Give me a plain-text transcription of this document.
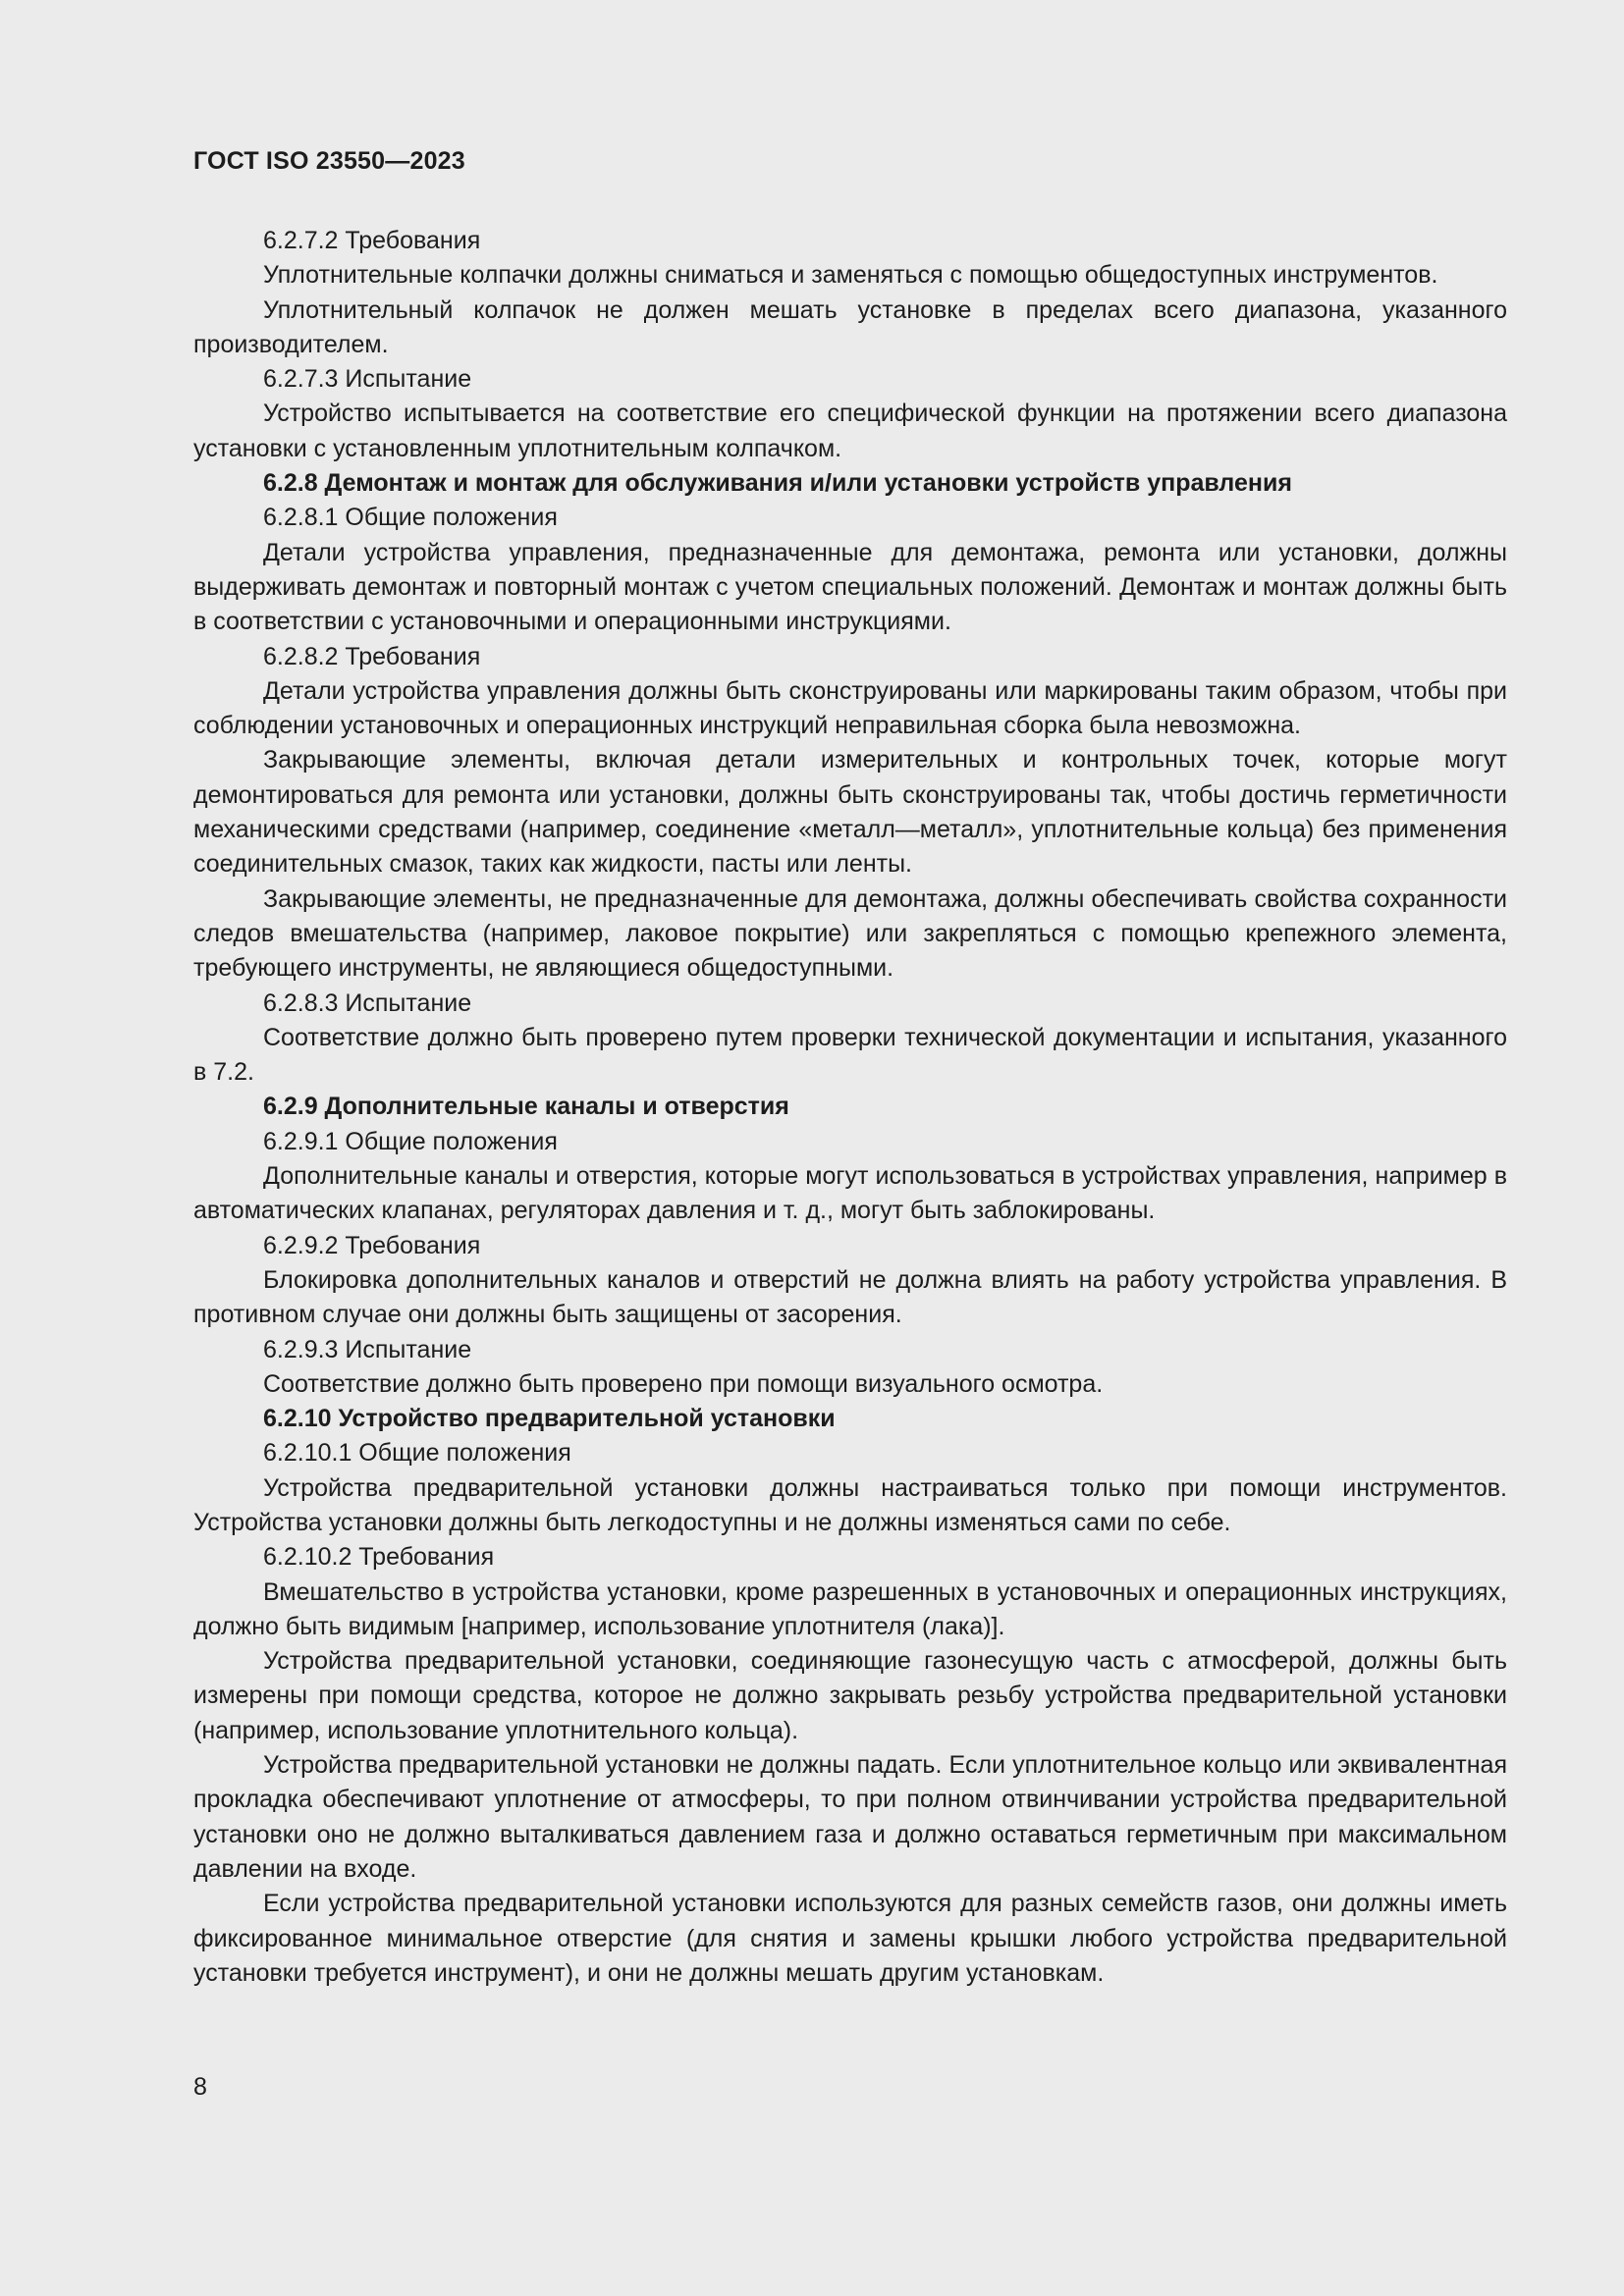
ГОСТ ISO 23550—2023

6.2.7.2 Требования

Уплотнительные колпачки должны сниматься и заменяться с помощью общедоступных инструментов.

Уплотнительный колпачок не должен мешать установке в пределах всего диапазона, указанного производителем.

6.2.7.3 Испытание

Устройство испытывается на соответствие его специфической функции на протяжении всего диапазона установки с установленным уплотнительным колпачком.

6.2.8 Демонтаж и монтаж для обслуживания и/или установки устройств управления

6.2.8.1 Общие положения

Детали устройства управления, предназначенные для демонтажа, ремонта или установки, должны выдерживать демонтаж и повторный монтаж с учетом специальных положений. Демонтаж и монтаж должны быть в соответствии с установочными и операционными инструкциями.

6.2.8.2 Требования

Детали устройства управления должны быть сконструированы или маркированы таким образом, чтобы при соблюдении установочных и операционных инструкций неправильная сборка была невозможна.

Закрывающие элементы, включая детали измерительных и контрольных точек, которые могут демонтироваться для ремонта или установки, должны быть сконструированы так, чтобы достичь герметичности механическими средствами (например, соединение «металл—металл», уплотнительные кольца) без применения соединительных смазок, таких как жидкости, пасты или ленты.

Закрывающие элементы, не предназначенные для демонтажа, должны обеспечивать свойства сохранности следов вмешательства (например, лаковое покрытие) или закрепляться с помощью крепежного элемента, требующего инструменты, не являющиеся общедоступными.

6.2.8.3 Испытание

Соответствие должно быть проверено путем проверки технической документации и испытания, указанного в 7.2.

6.2.9 Дополнительные каналы и отверстия

6.2.9.1 Общие положения

Дополнительные каналы и отверстия, которые могут использоваться в устройствах управления, например в автоматических клапанах, регуляторах давления и т. д., могут быть заблокированы.

6.2.9.2 Требования

Блокировка дополнительных каналов и отверстий не должна влиять на работу устройства управления. В противном случае они должны быть защищены от засорения.

6.2.9.3 Испытание

Соответствие должно быть проверено при помощи визуального осмотра.

6.2.10 Устройство предварительной установки

6.2.10.1 Общие положения

Устройства предварительной установки должны настраиваться только при помощи инструментов. Устройства установки должны быть легкодоступны и не должны изменяться сами по себе.

6.2.10.2 Требования

Вмешательство в устройства установки, кроме разрешенных в установочных и операционных инструкциях, должно быть видимым [например, использование уплотнителя (лака)].

Устройства предварительной установки, соединяющие газонесущую часть с атмосферой, должны быть измерены при помощи средства, которое не должно закрывать резьбу устройства предварительной установки (например, использование уплотнительного кольца).

Устройства предварительной установки не должны падать. Если уплотнительное кольцо или эквивалентная прокладка обеспечивают уплотнение от атмосферы, то при полном отвинчивании устройства предварительной установки оно не должно выталкиваться давлением газа и должно оставаться герметичным при максимальном давлении на входе.

Если устройства предварительной установки используются для разных семейств газов, они должны иметь фиксированное минимальное отверстие (для снятия и замены крышки любого устройства предварительной установки требуется инструмент), и они не должны мешать другим установкам.

8
